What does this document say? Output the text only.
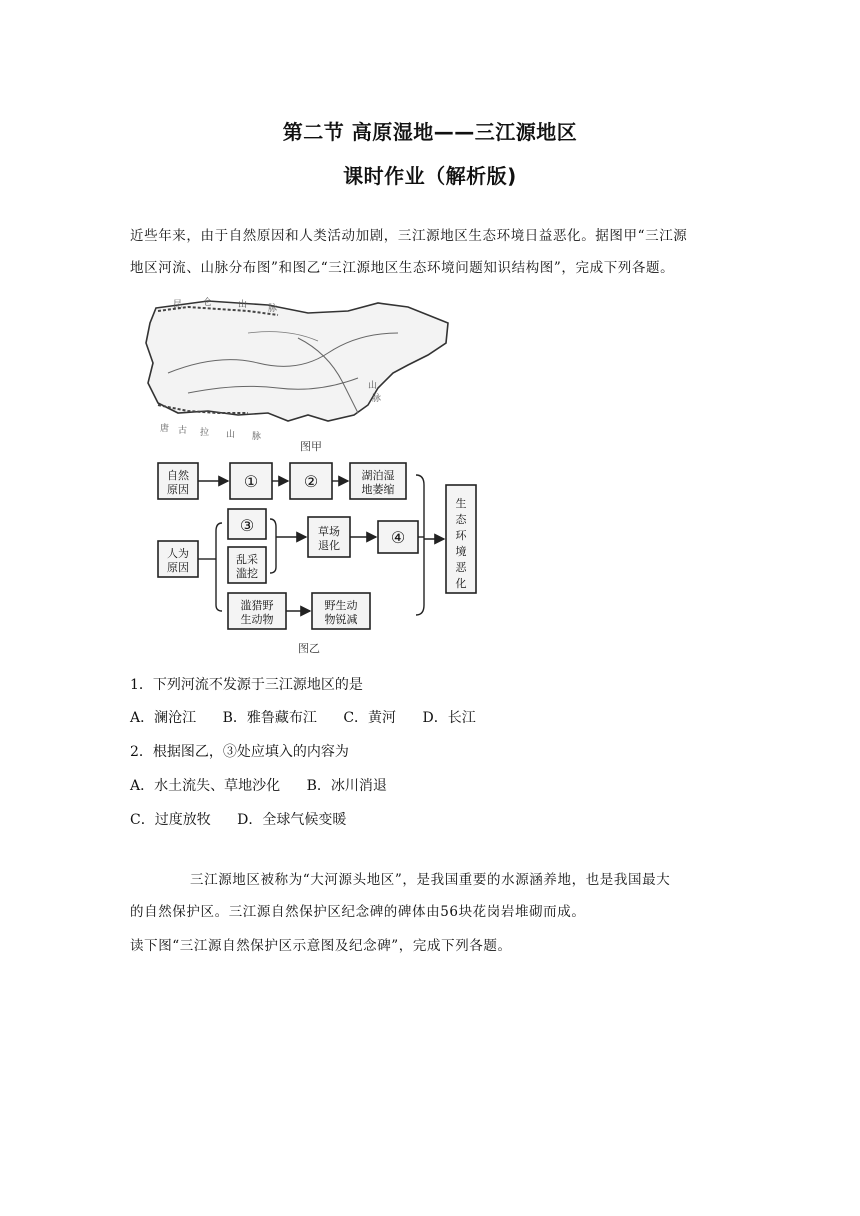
第二节 高原湿地——三江源地区
课时作业（解析版)
近些年来，由于自然原因和人类活动加剧，三江源地区生态环境日益恶化。据图甲“三江源
地区河流、山脉分布图”和图乙“三江源地区生态环境问题知识结构图”，完成下列各题。
昆 仑	山 脉
唐 古 拉 山 脉
山
脉
图甲
自然
原因	①	②	湖泊湿
地萎缩
人为
原因
③
乱采
滥挖
滥猎野
生动物
草场
退化	④
野生动
物锐减
生
态
环
境
恶
化
图乙
1．下列河流不发源于三江源地区的是
A．澜沧江 B．雅鲁藏布江 C．黄河 D．长江
2．根据图乙，③处应填入的内容为
A．水土流失、草地沙化 B．冰川消退
C．过度放牧 D．全球气候变暖
三江源地区被称为“大河源头地区”，是我国重要的水源涵养地，也是我国最大
的自然保护区。三江源自然保护区纪念碑的碑体由56块花岗岩堆砌而成。
读下图“三江源自然保护区示意图及纪念碑”，完成下列各题。
